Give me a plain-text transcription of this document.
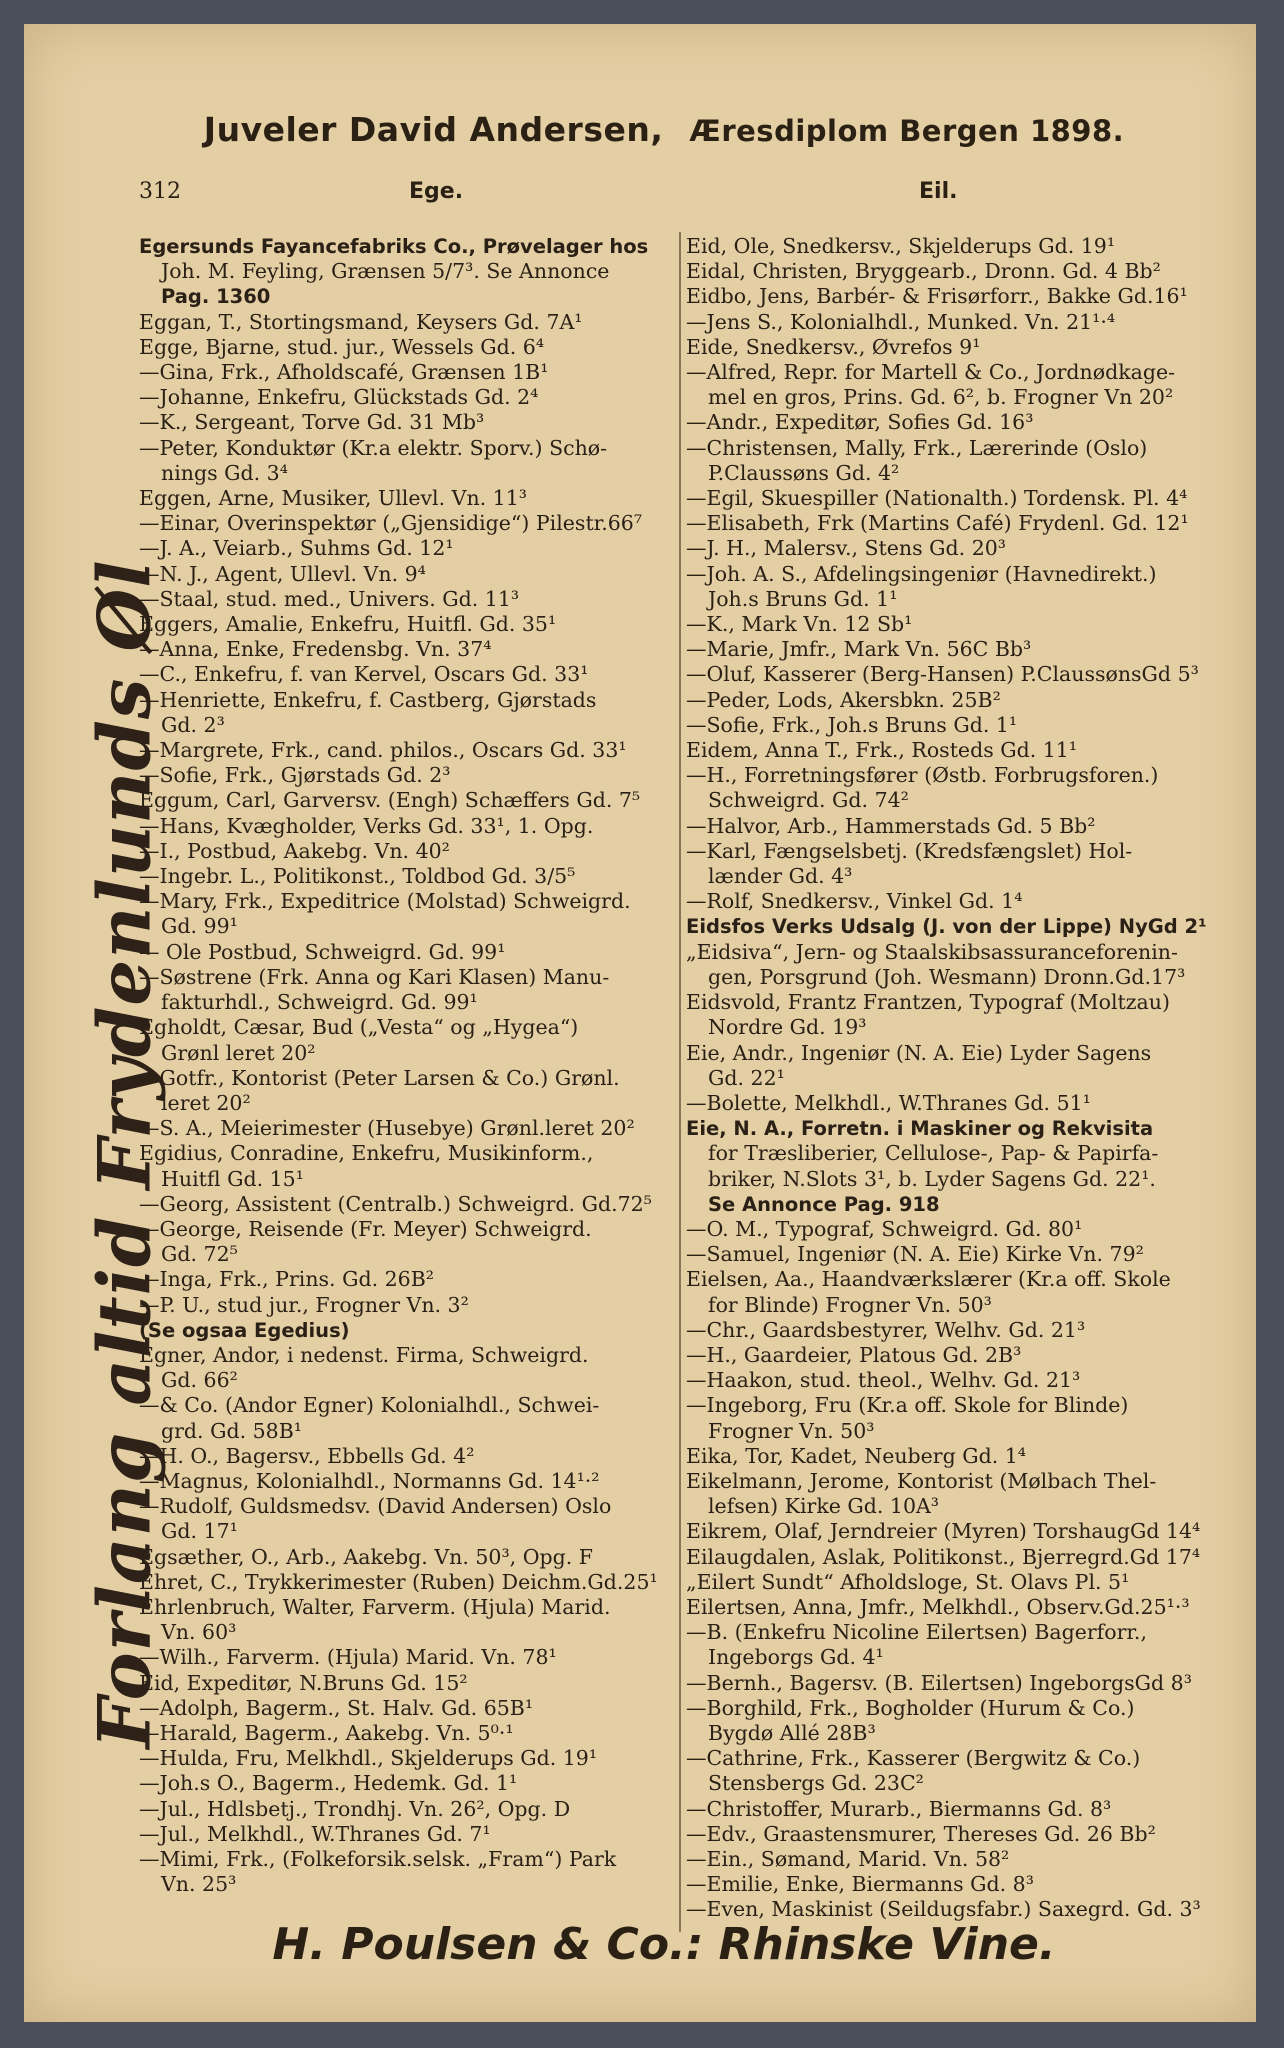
Juveler David Andersen, Æresdiplom Bergen 1898.
312	Ege.	Eil.
Forlang altid Frydenlunds Øl
Egersunds Fayancefabriks Co., Prøvelager hos
Joh. M. Feyling, Grænsen 5/7³. Se Annonce
Pag. 1360
Eggan, T., Stortingsmand, Keysers Gd. 7A¹
Egge, Bjarne, stud. jur., Wessels Gd. 6⁴
—Gina, Frk., Afholdscafé, Grænsen 1B¹
—Johanne, Enkefru, Glückstads Gd. 2⁴
—K., Sergeant, Torve Gd. 31 Mb³
—Peter, Konduktør (Kr.a elektr. Sporv.) Schø-
nings Gd. 3⁴
Eggen, Arne, Musiker, Ullevl. Vn. 11³
—Einar, Overinspektør („Gjensidige“) Pilestr.66⁷
—J. A., Veiarb., Suhms Gd. 12¹
—N. J., Agent, Ullevl. Vn. 9⁴
—Staal, stud. med., Univers. Gd. 11³
Eggers, Amalie, Enkefru, Huitfl. Gd. 35¹
—Anna, Enke, Fredensbg. Vn. 37⁴
—C., Enkefru, f. van Kervel, Oscars Gd. 33¹
—Henriette, Enkefru, f. Castberg, Gjørstads
Gd. 2³
—Margrete, Frk., cand. philos., Oscars Gd. 33¹
—Sofie, Frk., Gjørstads Gd. 2³
Eggum, Carl, Garversv. (Engh) Schæffers Gd. 7⁵
—Hans, Kvægholder, Verks Gd. 33¹, 1. Opg.
—I., Postbud, Aakebg. Vn. 40²
—Ingebr. L., Politikonst., Toldbod Gd. 3/5⁵
—Mary, Frk., Expeditrice (Molstad) Schweigrd.
Gd. 99¹
— Ole Postbud, Schweigrd. Gd. 99¹
—Søstrene (Frk. Anna og Kari Klasen) Manu-
fakturhdl., Schweigrd. Gd. 99¹
Egholdt, Cæsar, Bud („Vesta“ og „Hygea“)
Grønl leret 20²
—Gotfr., Kontorist (Peter Larsen & Co.) Grønl.
leret 20²
—S. A., Meierimester (Husebye) Grønl.leret 20²
Egidius, Conradine, Enkefru, Musikinform.,
Huitfl Gd. 15¹
—Georg, Assistent (Centralb.) Schweigrd. Gd.72⁵
—George, Reisende (Fr. Meyer) Schweigrd.
Gd. 72⁵
—Inga, Frk., Prins. Gd. 26B²
—P. U., stud jur., Frogner Vn. 3²
(Se ogsaa Egedius)
Egner, Andor, i nedenst. Firma, Schweigrd.
Gd. 66²
—& Co. (Andor Egner) Kolonialhdl., Schwei-
grd. Gd. 58B¹
—H. O., Bagersv., Ebbells Gd. 4²
—Magnus, Kolonialhdl., Normanns Gd. 14¹·²
—Rudolf, Guldsmedsv. (David Andersen) Oslo
Gd. 17¹
Egsæther, O., Arb., Aakebg. Vn. 50³, Opg. F
Ehret, C., Trykkerimester (Ruben) Deichm.Gd.25¹
Ehrlenbruch, Walter, Farverm. (Hjula) Marid.
Vn. 60³
—Wilh., Farverm. (Hjula) Marid. Vn. 78¹
Eid, Expeditør, N.Bruns Gd. 15²
—Adolph, Bagerm., St. Halv. Gd. 65B¹
—Harald, Bagerm., Aakebg. Vn. 5⁰·¹
—Hulda, Fru, Melkhdl., Skjelderups Gd. 19¹
—Joh.s O., Bagerm., Hedemk. Gd. 1¹
—Jul., Hdlsbetj., Trondhj. Vn. 26², Opg. D
—Jul., Melkhdl., W.Thranes Gd. 7¹
—Mimi, Frk., (Folkeforsik.selsk. „Fram“) Park
Vn. 25³
Eid, Ole, Snedkersv., Skjelderups Gd. 19¹
Eidal, Christen, Bryggearb., Dronn. Gd. 4 Bb²
Eidbo, Jens, Barbér- & Frisørforr., Bakke Gd.16¹
—Jens S., Kolonialhdl., Munked. Vn. 21¹·⁴
Eide, Snedkersv., Øvrefos 9¹
—Alfred, Repr. for Martell & Co., Jordnødkage-
mel en gros, Prins. Gd. 6², b. Frogner Vn 20²
—Andr., Expeditør, Sofies Gd. 16³
—Christensen, Mally, Frk., Lærerinde (Oslo)
P.Claussøns Gd. 4²
—Egil, Skuespiller (Nationalth.) Tordensk. Pl. 4⁴
—Elisabeth, Frk (Martins Café) Frydenl. Gd. 12¹
—J. H., Malersv., Stens Gd. 20³
—Joh. A. S., Afdelingsingeniør (Havnedirekt.)
Joh.s Bruns Gd. 1¹
—K., Mark Vn. 12 Sb¹
—Marie, Jmfr., Mark Vn. 56C Bb³
—Oluf, Kasserer (Berg-Hansen) P.ClaussønsGd 5³
—Peder, Lods, Akersbkn. 25B²
—Sofie, Frk., Joh.s Bruns Gd. 1¹
Eidem, Anna T., Frk., Rosteds Gd. 11¹
—H., Forretningsfører (Østb. Forbrugsforen.)
Schweigrd. Gd. 74²
—Halvor, Arb., Hammerstads Gd. 5 Bb²
—Karl, Fængselsbetj. (Kredsfængslet) Hol-
lænder Gd. 4³
—Rolf, Snedkersv., Vinkel Gd. 1⁴
Eidsfos Verks Udsalg (J. von der Lippe) NyGd 2¹
„Eidsiva“, Jern- og Staalskibsassuranceforenin-
gen, Porsgrund (Joh. Wesmann) Dronn.Gd.17³
Eidsvold, Frantz Frantzen, Typograf (Moltzau)
Nordre Gd. 19³
Eie, Andr., Ingeniør (N. A. Eie) Lyder Sagens
Gd. 22¹
—Bolette, Melkhdl., W.Thranes Gd. 51¹
Eie, N. A., Forretn. i Maskiner og Rekvisita
for Træsliberier, Cellulose-, Pap- & Papirfa-
briker, N.Slots 3¹, b. Lyder Sagens Gd. 22¹.
Se Annonce Pag. 918
—O. M., Typograf, Schweigrd. Gd. 80¹
—Samuel, Ingeniør (N. A. Eie) Kirke Vn. 79²
Eielsen, Aa., Haandværkslærer (Kr.a off. Skole
for Blinde) Frogner Vn. 50³
—Chr., Gaardsbestyrer, Welhv. Gd. 21³
—H., Gaardeier, Platous Gd. 2B³
—Haakon, stud. theol., Welhv. Gd. 21³
—Ingeborg, Fru (Kr.a off. Skole for Blinde)
Frogner Vn. 50³
Eika, Tor, Kadet, Neuberg Gd. 1⁴
Eikelmann, Jerome, Kontorist (Mølbach Thel-
lefsen) Kirke Gd. 10A³
Eikrem, Olaf, Jerndreier (Myren) TorshaugGd 14⁴
Eilaugdalen, Aslak, Politikonst., Bjerregrd.Gd 17⁴
„Eilert Sundt“ Afholdsloge, St. Olavs Pl. 5¹
Eilertsen, Anna, Jmfr., Melkhdl., Observ.Gd.25¹·³
—B. (Enkefru Nicoline Eilertsen) Bagerforr.,
Ingeborgs Gd. 4¹
—Bernh., Bagersv. (B. Eilertsen) IngeborgsGd 8³
—Borghild, Frk., Bogholder (Hurum & Co.)
Bygdø Allé 28B³
—Cathrine, Frk., Kasserer (Bergwitz & Co.)
Stensbergs Gd. 23C²
—Christoffer, Murarb., Biermanns Gd. 8³
—Edv., Graastensmurer, Thereses Gd. 26 Bb²
—Ein., Sømand, Marid. Vn. 58²
—Emilie, Enke, Biermanns Gd. 8³
—Even, Maskinist (Seildugsfabr.) Saxegrd. Gd. 3³
H. Poulsen & Co.: Rhinske Vine.
